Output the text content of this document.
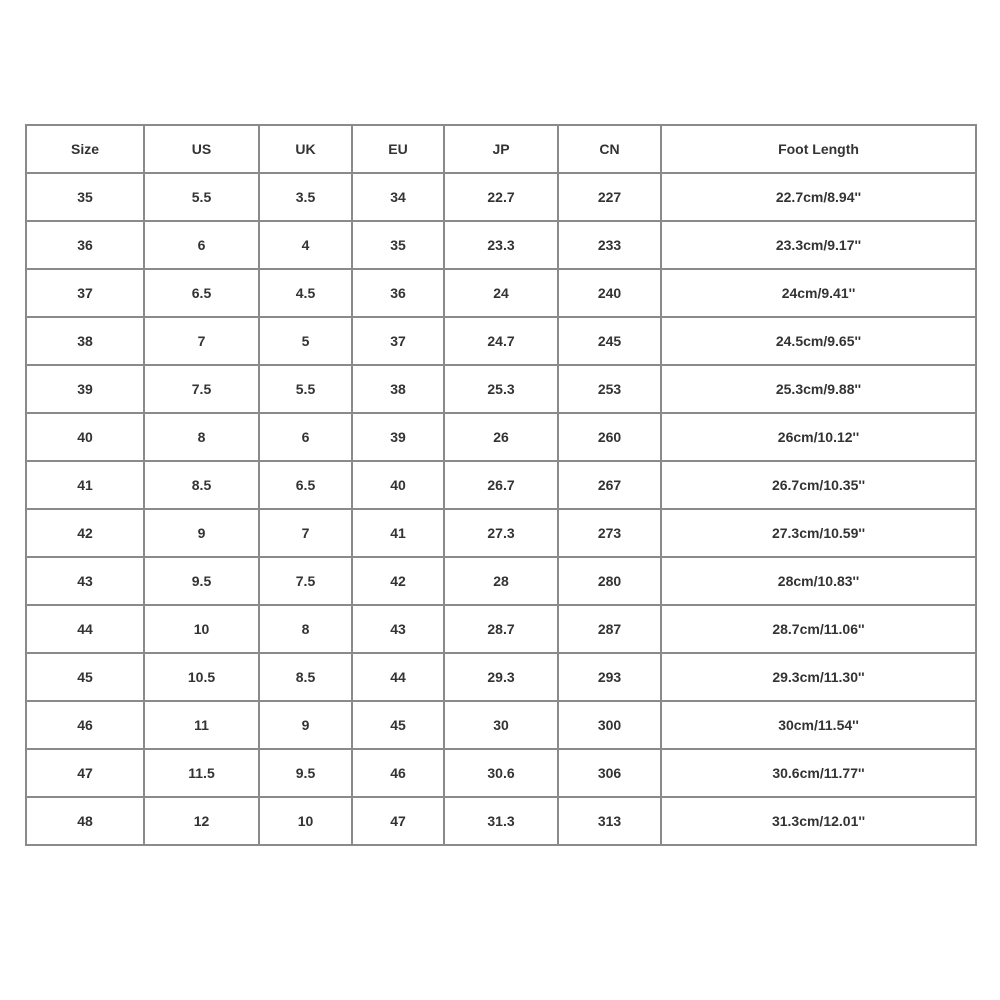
Size	US	UK	EU	JP	CN	Foot Length
35	5.5	3.5	34	22.7	227	22.7cm/8.94''
36	6	4	35	23.3	233	23.3cm/9.17''
37	6.5	4.5	36	24	240	24cm/9.41''
38	7	5	37	24.7	245	24.5cm/9.65''
39	7.5	5.5	38	25.3	253	25.3cm/9.88''
40	8	6	39	26	260	26cm/10.12''
41	8.5	6.5	40	26.7	267	26.7cm/10.35''
42	9	7	41	27.3	273	27.3cm/10.59''
43	9.5	7.5	42	28	280	28cm/10.83''
44	10	8	43	28.7	287	28.7cm/11.06''
45	10.5	8.5	44	29.3	293	29.3cm/11.30''
46	11	9	45	30	300	30cm/11.54''
47	11.5	9.5	46	30.6	306	30.6cm/11.77''
48	12	10	47	31.3	313	31.3cm/12.01''
